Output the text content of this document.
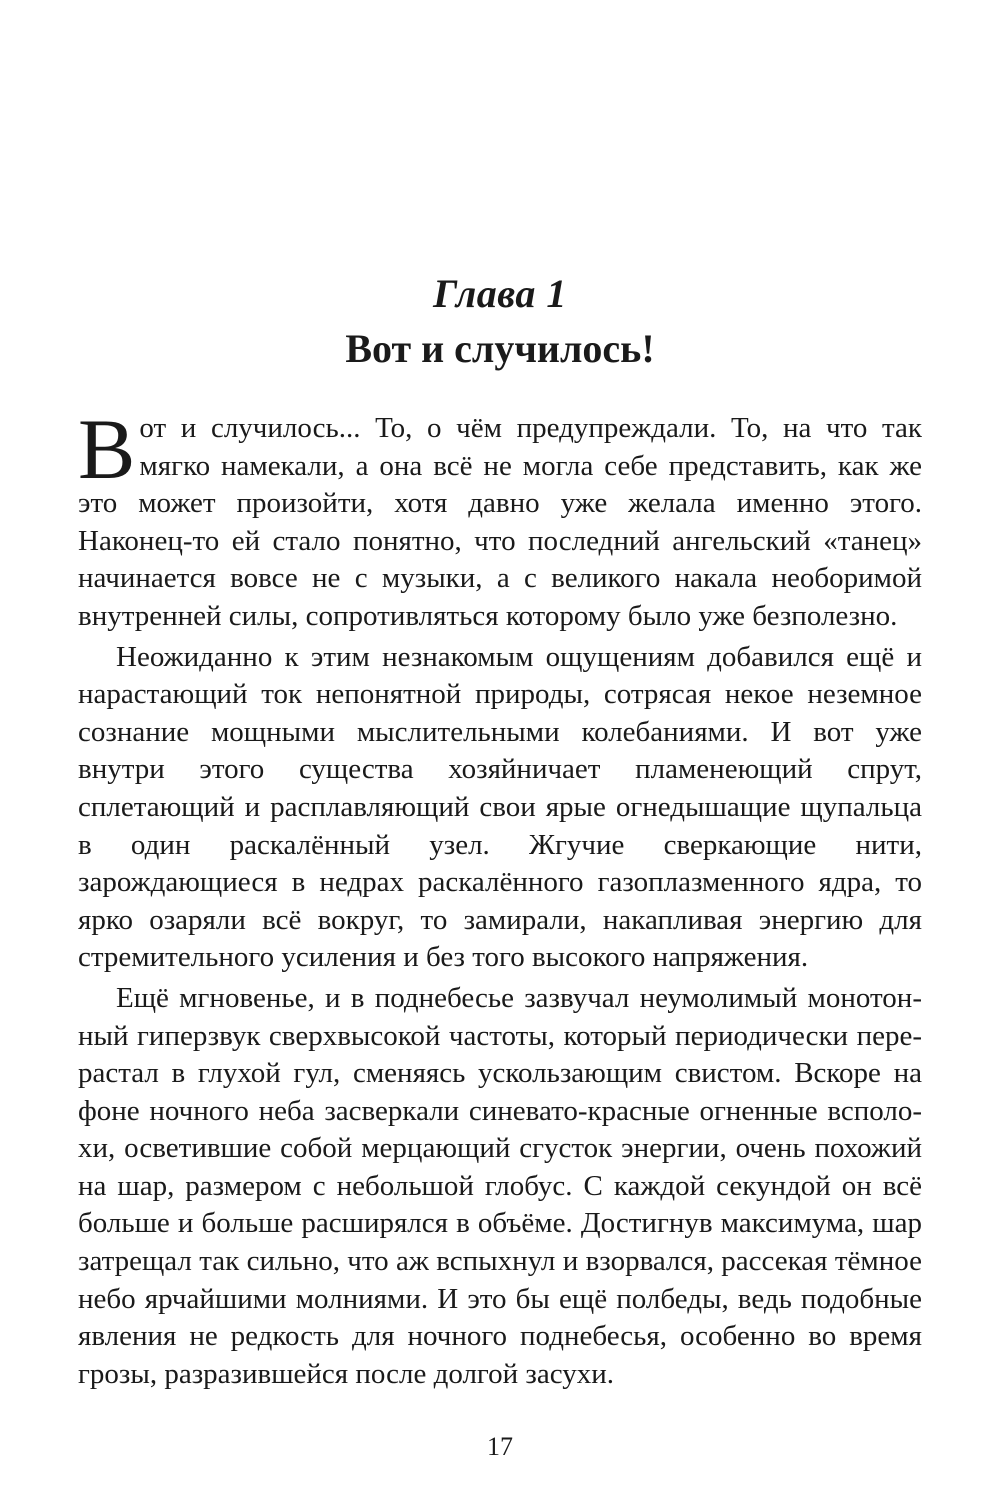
Глава 1
Вот и случилось!

Вот и случилось... То, о чём предупреждали. То, на что так мягко намекали, а она всё не могла себе представить, как же это может произойти, хотя давно уже желала именно этого. Наконец-то ей стало понятно, что последний ангельский «танец» начинается вовсе не с музыки, а с великого накала необоримой внутренней силы, сопротивляться которому было уже безполезно.

Неожиданно к этим незнакомым ощущениям добавился ещё и нарастающий ток непонятной природы, сотрясая некое неземное сознание мощными мыслительными колебаниями. И вот уже внутри этого существа хозяйничает пламенеющий спрут, сплетающий и расплавляющий свои ярые огнедышащие щупальца в один раскалённый узел. Жгучие сверкающие нити, зарождающиеся в недрах раскалённого газоплазменного ядра, то ярко озаряли всё вокруг, то замирали, накапливая энергию для стремительного усиления и без того высокого напряжения.

Ещё мгновенье, и в поднебесье зазвучал неумолимый монотонный гиперзвук сверхвысокой частоты, который периодически перерастал в глухой гул, сменяясь ускользающим свистом. Вскоре на фоне ночного неба засверкали синевато-красные огненные всполохи, осветившие собой мерцающий сгусток энергии, очень похожий на шар, размером с небольшой глобус. С каждой секундой он всё больше и больше расширялся в объёме. Достигнув максимума, шар затрещал так сильно, что аж вспыхнул и взорвался, рассекая тёмное небо ярчайшими молниями. И это бы ещё полбеды, ведь подобные явления не редкость для ночного поднебесья, особенно во время грозы, разразившейся после долгой засухи.

17
